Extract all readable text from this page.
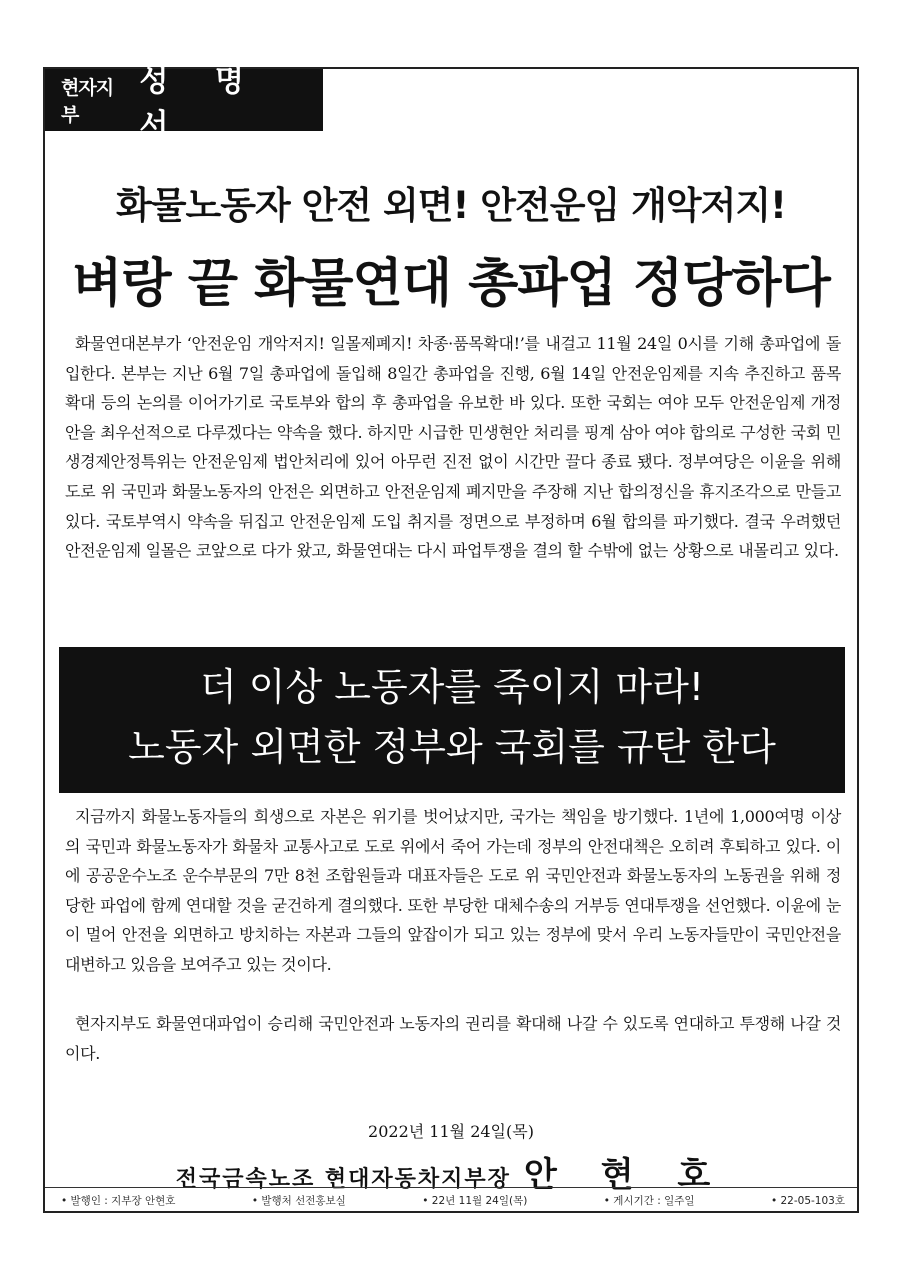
현자지부
성 명 서
화물노동자 안전 외면! 안전운임 개악저지!
벼랑 끝 화물연대 총파업 정당하다

화물연대본부가 ‘안전운임 개악저지! 일몰제폐지! 차종·품목확대!’를 내걸고 11월 24일 0시를 기해 총파업에 돌입한다. 본부는 지난 6월 7일 총파업에 돌입해 8일간 총파업을 진행, 6월 14일 안전운임제를 지속 추진하고 품목확대 등의 논의를 이어가기로 국토부와 합의 후 총파업을 유보한 바 있다. 또한 국회는 여야 모두 안전운임제 개정안을 최우선적으로 다루겠다는 약속을 했다. 하지만 시급한 민생현안 처리를 핑계 삼아 여야 합의로 구성한 국회 민생경제안정특위는 안전운임제 법안처리에 있어 아무런 진전 없이 시간만 끌다 종료 됐다. 정부여당은 이윤을 위해 도로 위 국민과 화물노동자의 안전은 외면하고 안전운임제 폐지만을 주장해 지난 합의정신을 휴지조각으로 만들고 있다. 국토부역시 약속을 뒤집고 안전운임제 도입 취지를 정면으로 부정하며 6월 합의를 파기했다. 결국 우려했던 안전운임제 일몰은 코앞으로 다가 왔고, 화물연대는 다시 파업투쟁을 결의 할 수밖에 없는 상황으로 내몰리고 있다.

더 이상 노동자를 죽이지 마라!
노동자 외면한 정부와 국회를 규탄 한다

지금까지 화물노동자들의 희생으로 자본은 위기를 벗어났지만, 국가는 책임을 방기했다. 1년에 1,000여명 이상의 국민과 화물노동자가 화물차 교통사고로 도로 위에서 죽어 가는데 정부의 안전대책은 오히려 후퇴하고 있다. 이에 공공운수노조 운수부문의 7만 8천 조합원들과 대표자들은 도로 위 국민안전과 화물노동자의 노동권을 위해 정당한 파업에 함께 연대할 것을 굳건하게 결의했다. 또한 부당한 대체수송의 거부등 연대투쟁을 선언했다. 이윤에 눈이 멀어 안전을 외면하고 방치하는 자본과 그들의 앞잡이가 되고 있는 정부에 맞서 우리 노동자들만이 국민안전을 대변하고 있음을 보여주고 있는 것이다.

현자지부도 화물연대파업이 승리해 국민안전과 노동자의 권리를 확대해 나갈 수 있도록 연대하고 투쟁해 나갈 것이다.

2022년 11월 24일(목)
전국금속노조 현대자동차지부장 안 현 호
• 발행인 : 지부장 안현호	• 발행처 선전홍보실	• 22년 11월 24일(목)	• 게시기간 : 일주일	• 22-05-103호
